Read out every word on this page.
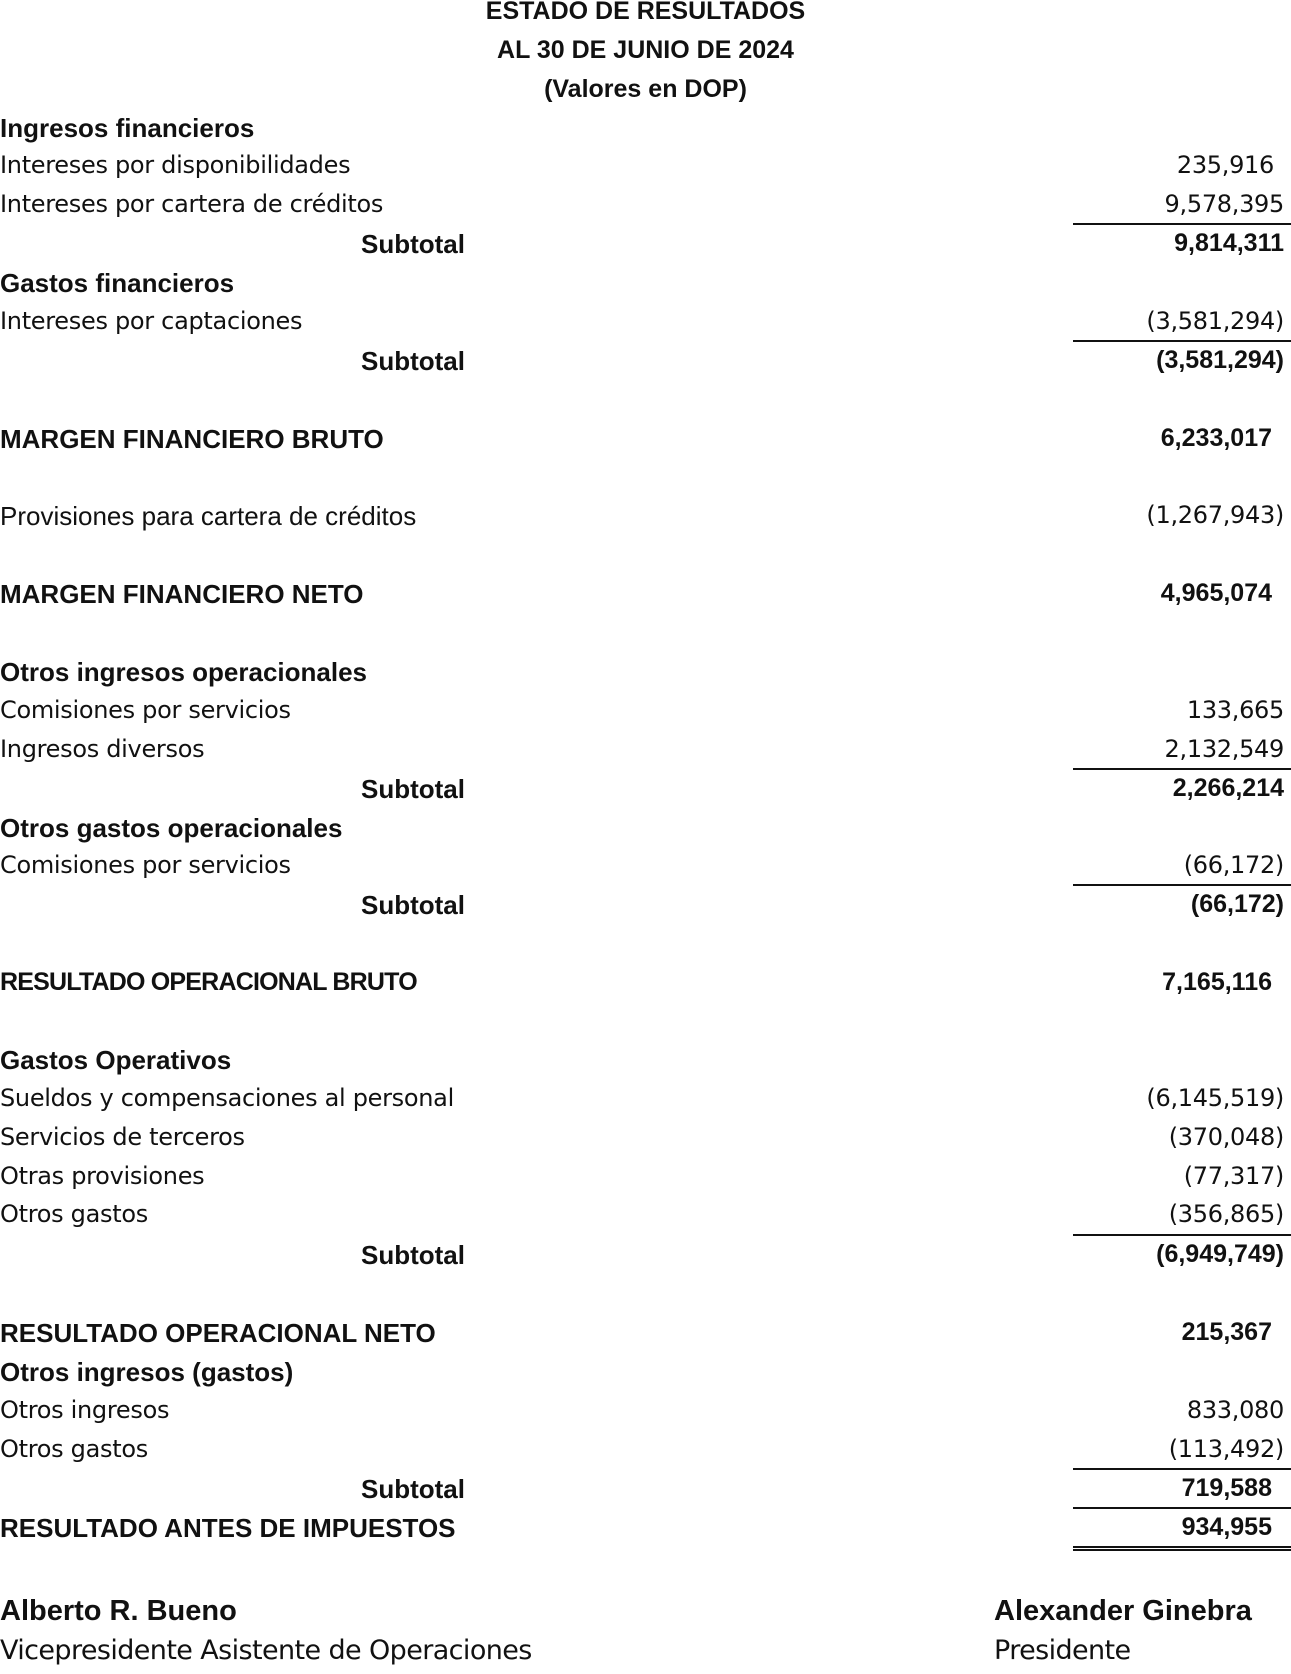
ESTADO DE RESULTADOS
AL 30 DE JUNIO DE 2024
(Valores en DOP)
Ingresos financieros
Intereses por disponibilidades	235,916
Intereses por cartera de créditos	9,578,395
Subtotal	9,814,311
Gastos financieros
Intereses por captaciones	(3,581,294)
Subtotal	(3,581,294)
MARGEN FINANCIERO BRUTO	6,233,017
Provisiones para cartera de créditos	(1,267,943)
MARGEN FINANCIERO NETO	4,965,074
Otros ingresos operacionales
Comisiones por servicios	133,665
Ingresos diversos	2,132,549
Subtotal	2,266,214
Otros gastos operacionales
Comisiones por servicios	(66,172)
Subtotal	(66,172)
RESULTADO OPERACIONAL BRUTO	7,165,116
Gastos Operativos
Sueldos y compensaciones al personal	(6,145,519)
Servicios de terceros	(370,048)
Otras provisiones	(77,317)
Otros gastos	(356,865)
Subtotal	(6,949,749)
RESULTADO OPERACIONAL NETO	215,367
Otros ingresos (gastos)
Otros ingresos	833,080
Otros gastos	(113,492)
Subtotal	719,588
RESULTADO ANTES DE IMPUESTOS	934,955
Alberto R. Bueno
Vicepresidente Asistente de Operaciones
Alexander Ginebra
Presidente
